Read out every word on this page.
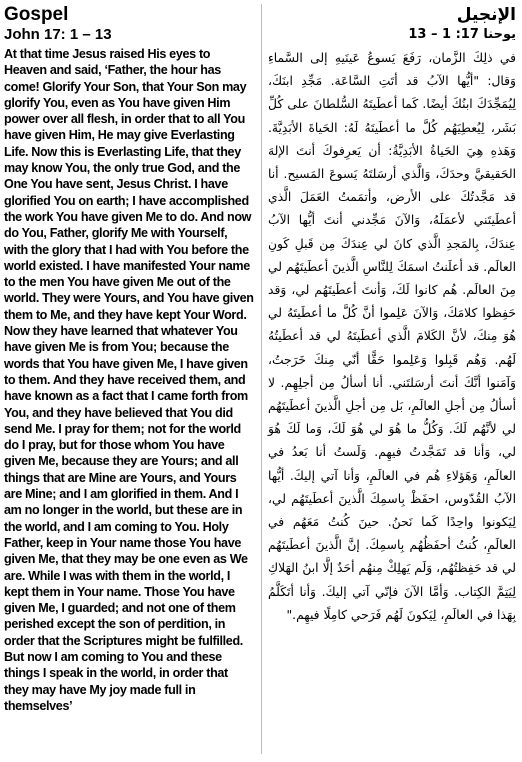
Gospel
John 17: 1 – 13
At that time Jesus raised His eyes to Heaven and said, ‘Father, the hour has come! Glorify Your Son, that Your Son may glorify You, even as You have given Him power over all flesh, in order that to all You have given Him, He may give Everlasting Life. Now this is Everlasting Life, that they may know You, the only true God, and the One You have sent, Jesus Christ. I have glorified You on earth; I have accomplished the work You have given Me to do. And now do You, Father, glorify Me with Yourself, with the glory that I had with You before the world existed. I have manifested Your name to the men You have given Me out of the world. They were Yours, and You have given them to Me, and they have kept Your Word. Now they have learned that whatever You have given Me is from You; because the words that You have given Me, I have given to them. And they have received them, and have known as a fact that I came forth from You, and they have believed that You did send Me. I pray for them; not for the world do I pray, but for those whom You have given Me, because they are Yours; and all things that are Mine are Yours, and Yours are Mine; and I am glorified in them. And I am no longer in the world, but these are in the world, and I am coming to You. Holy Father, keep in Your name those You have given Me, that they may be one even as We are. While I was with them in the world, I kept them in Your name. Those You have given Me, I guarded; and not one of them perished except the son of perdition, in order that the Scriptures might be fulfilled. But now I am coming to You and these things I speak in the world, in order that they may have My joy made full in themselves’
الإنجيل
يوحنا 17: 1 – 13
في ذلِكَ الزَّمان، رَفَعَ يَسوعُ عَينَيهِ إلى السَّماءِ وَقال: "أيُّها الآبُ قد أتَتِ السَّاعَة. مَجِّدِ ابنَكَ، لِيُمَجِّدَكَ ابنُكَ أيضًا. كَما أعطَيتَهُ السُّلطانَ على كُلِّ بَشَر، لِيُعطِيَهُم كُلَّ ما أعطَيتَهُ لَهُ: الحَياةَ الأبَدِيَّةَ. وَهَذهِ هِيَ الحَياةُ الأبَدِيَّةُ: أن يَعرِفوكَ أنتَ الإلهَ الحَقيقيَّ وحدَكَ، وَالَّذي أرسَلتَهُ يَسوعَ المَسيح. أنا قد مَجَّدتُكَ على الأرض، وأتمَمتُ العَمَلَ الَّذي أعطَيتَني لأعمَلَهُ، وَالآنَ مَجِّدني أنتَ أيُّها الآبُ عِندَكَ، بِالمَجدِ الَّذي كانَ لي عِندَكَ مِن قَبلِ كَونِ العالَم. قد أعلَنتُ اسمَكَ لِلنَّاسِ الَّذينَ أعطَيتَهُم لي مِنَ العالَم. هُم كانوا لَكَ، وَأنتَ أعطَيتَهُم لي، وَقد حَفِظوا كلامَكَ، وَالآنَ عَلِموا أنَّ كُلَّ ما أعطَيتَهُ لي هُوَ مِنكَ، لأنَّ الكَلامَ الَّذي أعطَيتَهُ لي قد أعطَيتُهُ لَهُم. وَهُم قَبِلوا وَعَلِموا حَقًّا أنّي مِنكَ خَرَجتُ، وَآمَنوا أنَّكَ أنتَ أرسَلتَني. أنا أسألُ مِن أجلِهِم. لا أسألُ مِن أجلِ العالَمِ، بَل مِن أجلِ الَّذينَ أعطَيتَهُم لي لأنَّهُم لَكَ. وَكُلُّ ما هُوَ لي هُوَ لَكَ، وَما لَكَ هُوَ لي، وَأنا قد تَمَجَّدتُ فيهِم. وَلَستُ أنا بَعدُ في العالَمِ، وَهَؤلاءِ هُم في العالَمِ، وَأنا آتي إليكَ. أيُّها الآبُ القُدّوس، احفَظْ بِاسمِكَ الَّذينَ أعطَيتَهُم لي، لِيَكونوا واحِدًا كَما نَحنُ. حينَ كُنتُ مَعَهُم في العالَمِ، كُنتُ أحفَظُهُم بِاسمِكَ. إنَّ الَّذينَ أعطَيتَهُم لي قد حَفِظتُهُم، وَلَم يَهلِكْ مِنهُم أحَدٌ إلَّا ابنُ الهَلاكِ لِيَتِمَّ الكِتاب. وَأمَّا الآنَ فإنّي آتي إليكَ. وَأنا أتَكَلَّمُ بِهَذا في العالَمِ، لِيَكونَ لَهُم فَرَحي كامِلًا فيهِم."
